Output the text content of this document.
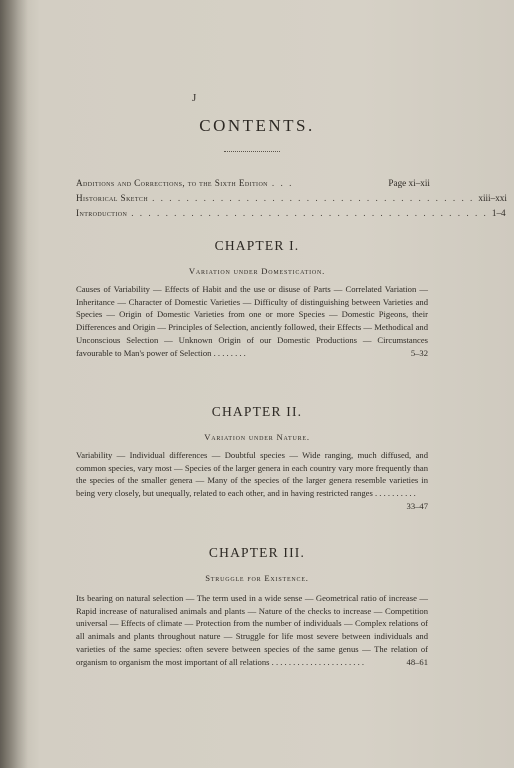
J
CONTENTS.
Additions and Corrections, to the Sixth Edition . . .	Page xi–xii
Historical Sketch . . . . . . . . . . . . . . . . . . . . . . . . . . . . . . . . . . . . . . xiii–xxi
Introduction . . . . . . . . . . . . . . . . . . . . . . . . . . . . . . . . . . . . . . . . . . 1–4
CHAPTER I.
Variation under Domestication.
Causes of Variability — Effects of Habit and the use or disuse of Parts — Correlated Variation — Inheritance — Character of Domestic Varieties — Difficulty of distinguishing between Varieties and Species — Origin of Domestic Varieties from one or more Species — Domestic Pigeons, their Differences and Origin — Principles of Selection, anciently followed, their Effects — Methodical and Unconscious Selection — Unknown Origin of our Domestic Productions — Circumstances favourable to Man's power of Selection . . . . . . . .	5–32
CHAPTER II.
Variation under Nature.
Variability — Individual differences — Doubtful species — Wide ranging, much diffused, and common species, vary most — Species of the larger genera in each country vary more frequently than the species of the smaller genera — Many of the species of the larger genera resemble varieties in being very closely, but unequally, related to each other, and in having restricted ranges . . . . . . . . . .
33–47
CHAPTER III.
Struggle for Existence.
Its bearing on natural selection — The term used in a wide sense — Geometrical ratio of increase — Rapid increase of naturalised animals and plants — Nature of the checks to increase — Competition universal — Effects of climate — Protection from the number of individuals — Complex relations of all animals and plants throughout nature — Struggle for life most severe between individuals and varieties of the same species: often severe between species of the same genus — The relation of organism to organism the most important of all relations . . . . . . . . . . . . . . . . . . . . . .	48–61
